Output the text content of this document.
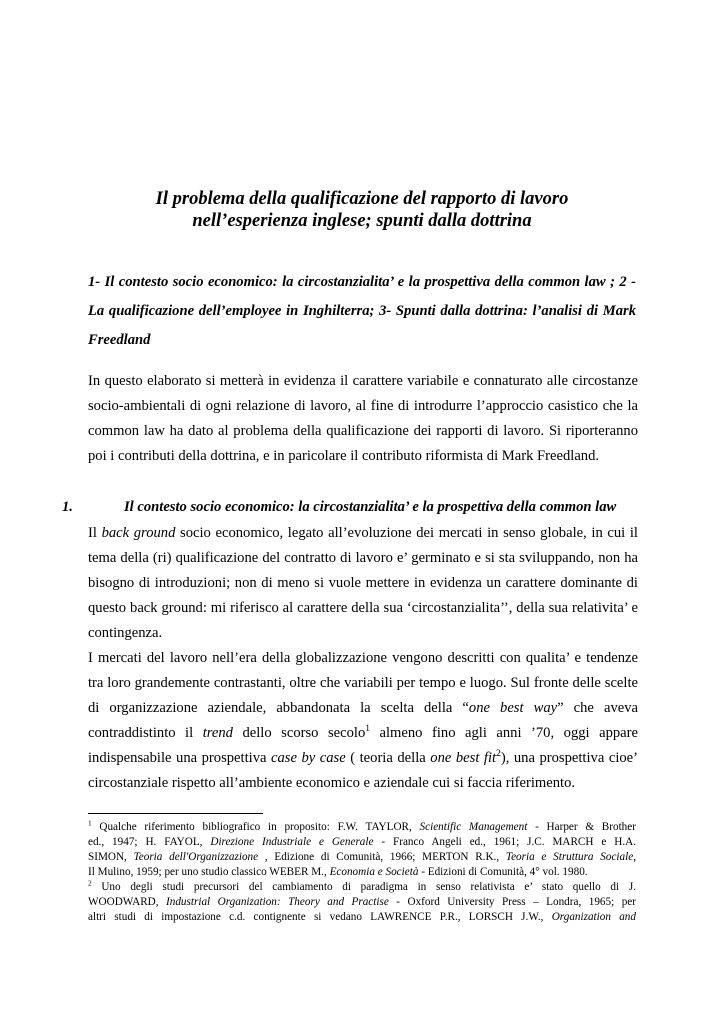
Il problema della qualificazione del rapporto di lavoro
nell’esperienza inglese; spunti dalla dottrina
1- Il contesto socio economico: la circostanzialita’ e la prospettiva della common law ; 2 -
La qualificazione dell’employee in Inghilterra; 3- Spunti dalla dottrina: l’analisi di Mark
Freedland
In questo elaborato si metterà in evidenza il carattere variabile e connaturato alle circostanze
socio-ambientali di ogni relazione di lavoro, al fine di introdurre l’approccio casistico che la
common law ha dato al problema della qualificazione dei rapporti di lavoro. Si riporteranno
poi i contributi della dottrina, e in paricolare il contributo riformista di Mark Freedland.
1.	Il contesto socio economico: la circostanzialita’ e la prospettiva della common law
Il back ground socio economico, legato all’evoluzione dei mercati in senso globale, in cui il
tema della (ri) qualificazione del contratto di lavoro e’ germinato e si sta sviluppando, non ha
bisogno di introduzioni; non di meno si vuole mettere in evidenza un carattere dominante di
questo back ground: mi riferisco al carattere della sua ‘circostanzialita’’, della sua relativita’ e
contingenza.
I mercati del lavoro nell’era della globalizzazione vengono descritti con qualita’ e tendenze
tra loro grandemente contrastanti, oltre che variabili per tempo e luogo. Sul fronte delle scelte
di organizzazione aziendale, abbandonata la scelta della “one best way” che aveva
contraddistinto il trend dello scorso secolo$^1$ almeno fino agli anni ’70, oggi appare
indispensabile una prospettiva case by case ( teoria della one best fit$^2$), una prospettiva cioe’
circostanziale rispetto all’ambiente economico e aziendale cui si faccia riferimento.
$^1$ Qualche riferimento bibliografico in proposito: F.W. TAYLOR, Scientific Management - Harper & Brother
ed., 1947; H. FAYOL, Direzione Industriale e Generale - Franco Angeli ed., 1961; J.C. MARCH e H.A.
SIMON, Teoria dell'Organizzazione , Edizione di Comunità, 1966; MERTON R.K., Teoria e Struttura Sociale,
Il Mulino, 1959; per uno studio classico WEBER M., Economia e Società - Edizioni di Comunità, 4° vol. 1980.
$^2$ Uno degli studi precursori del cambiamento di paradigma in senso relativista e’ stato quello di J.
WOODWARD, Industrial Organization: Theory and Practise - Oxford University Press – Londra, 1965; per
altri studi di impostazione c.d. contignente si vedano LAWRENCE P.R., LORSCH J.W., Organization and
